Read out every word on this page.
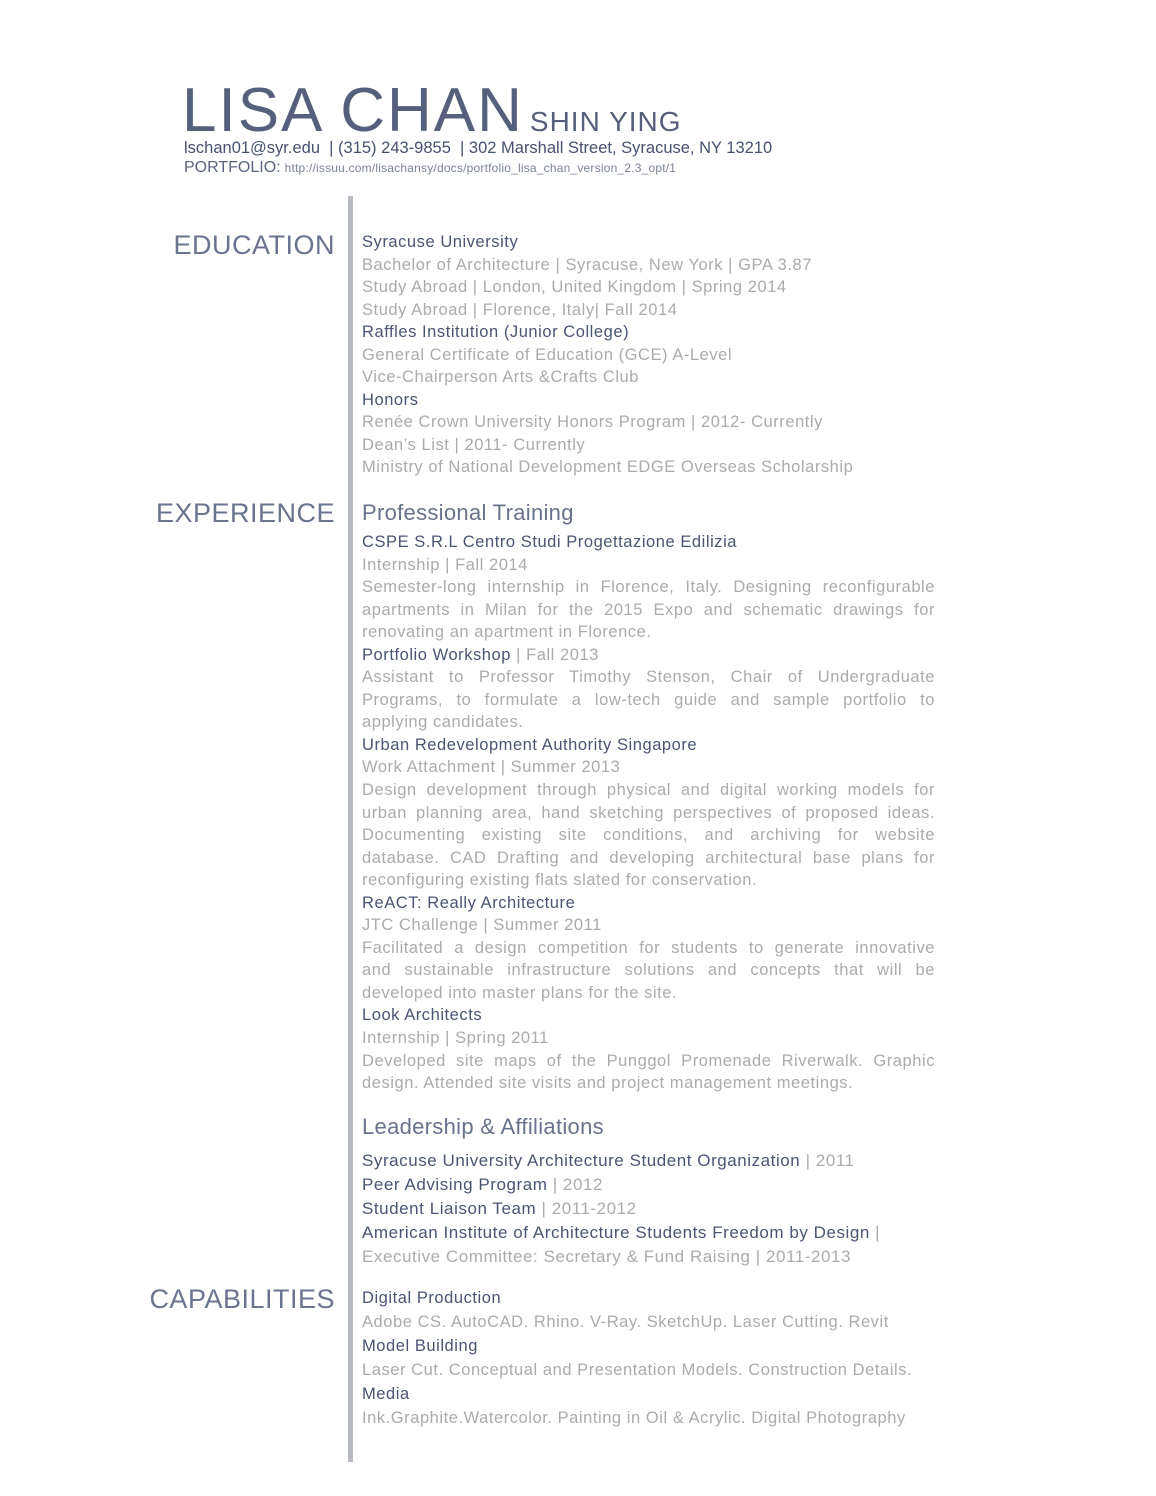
LISA CHAN SHIN YING
lschan01@syr.edu  | (315) 243-9855  | 302 Marshall Street, Syracuse, NY 13210
PORTFOLIO: http://issuu.com/lisachansy/docs/portfolio_lisa_chan_version_2.3_opt/1
EDUCATION
EXPERIENCE
CAPABILITIES
Syracuse University
Bachelor of Architecture | Syracuse, New York | GPA 3.87
Study Abroad | London, United Kingdom | Spring 2014
Study Abroad | Florence, Italy| Fall 2014
Raffles Institution (Junior College)
General Certificate of Education (GCE) A-Level
Vice-Chairperson Arts &Crafts Club
Honors
Renée Crown University Honors Program | 2012- Currently
Dean’s List | 2011- Currently
Ministry of National Development EDGE Overseas Scholarship
Professional Training
CSPE S.R.L Centro Studi Progettazione Edilizia
Internship | Fall 2014
Semester-long internship in Florence, Italy. Designing reconfigurable
apartments in Milan for the 2015 Expo and schematic drawings for
renovating an apartment in Florence.
Portfolio Workshop | Fall 2013
Assistant to Professor Timothy Stenson, Chair of Undergraduate
Programs, to formulate a low-tech guide and sample portfolio to
applying candidates.
Urban Redevelopment Authority Singapore
Work Attachment | Summer 2013
Design development through physical and digital working models for
urban planning area, hand sketching perspectives of proposed ideas.
Documenting existing site conditions, and archiving for website
database. CAD Drafting and developing architectural base plans for
reconfiguring existing flats slated for conservation.
ReACT: Really Architecture
JTC Challenge | Summer 2011
Facilitated a design competition for students to generate innovative
and sustainable infrastructure solutions and concepts that will be
developed into master plans for the site.
Look Architects
Internship | Spring 2011
Developed site maps of the Punggol Promenade Riverwalk. Graphic
design. Attended site visits and project management meetings.
Leadership & Affiliations
Syracuse University Architecture Student Organization | 2011
Peer Advising Program | 2012
Student Liaison Team | 2011-2012
American Institute of Architecture Students Freedom by Design |
Executive Committee: Secretary & Fund Raising | 2011-2013
Digital Production
Adobe CS. AutoCAD. Rhino. V-Ray. SketchUp. Laser Cutting. Revit
Model Building
Laser Cut. Conceptual and Presentation Models. Construction Details.
Media
Ink.Graphite.Watercolor. Painting in Oil & Acrylic. Digital Photography
